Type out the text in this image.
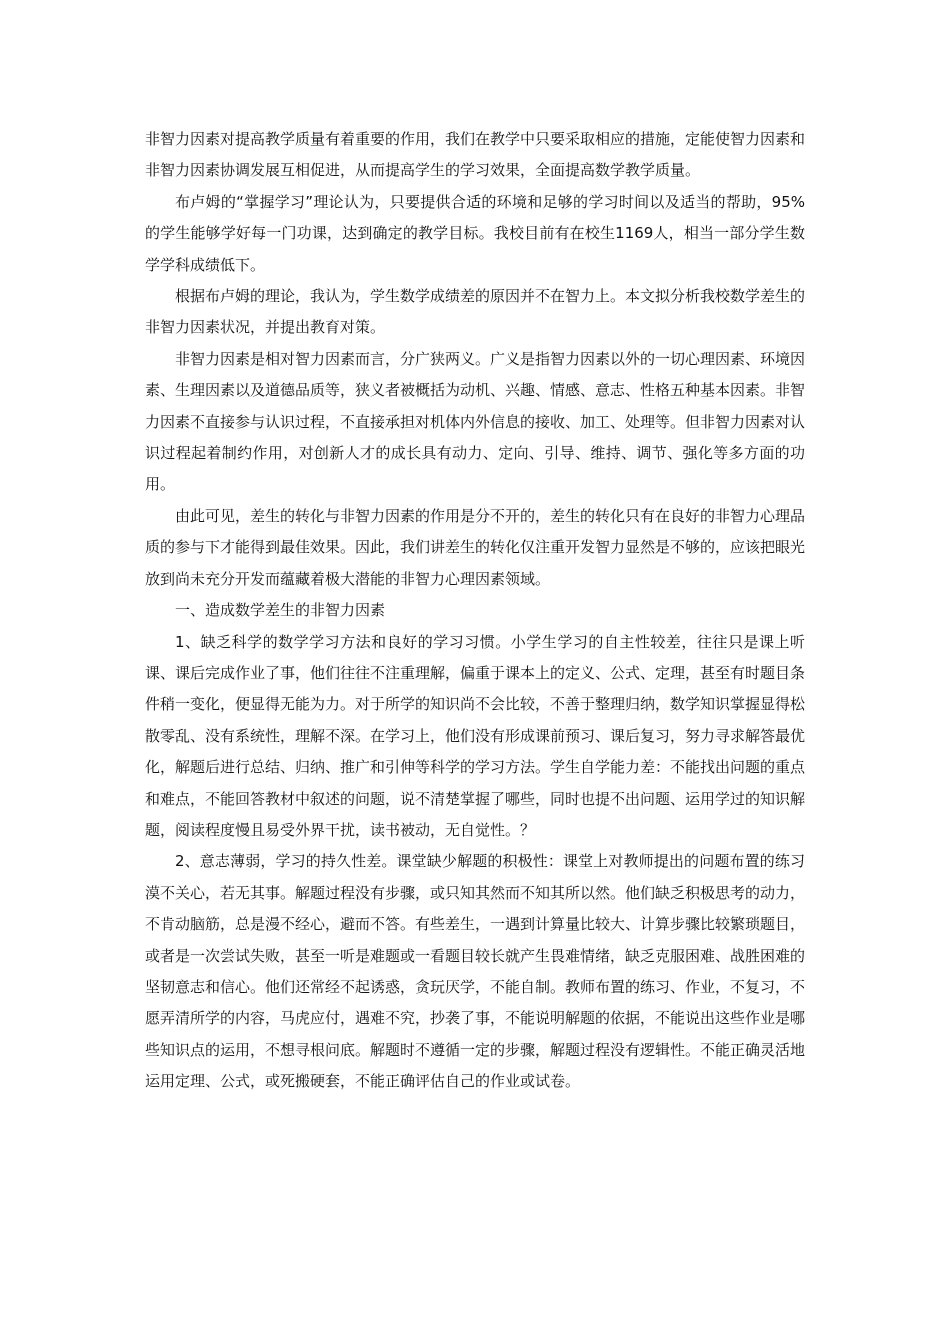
非智力因素对提高教学质量有着重要的作用，我们在教学中只要采取相应的措施，定能使智力因素和非智力因素协调发展互相促进，从而提高学生的学习效果，全面提高数学教学质量。

布卢姆的“掌握学习”理论认为，只要提供合适的环境和足够的学习时间以及适当的帮助，95%的学生能够学好每一门功课，达到确定的教学目标。我校目前有在校生1169人，相当一部分学生数学学科成绩低下。

根据布卢姆的理论，我认为，学生数学成绩差的原因并不在智力上。本文拟分析我校数学差生的非智力因素状况，并提出教育对策。

非智力因素是相对智力因素而言，分广狭两义。广义是指智力因素以外的一切心理因素、环境因素、生理因素以及道德品质等，狭义者被概括为动机、兴趣、情感、意志、性格五种基本因素。非智力因素不直接参与认识过程，不直接承担对机体内外信息的接收、加工、处理等。但非智力因素对认识过程起着制约作用，对创新人才的成长具有动力、定向、引导、维持、调节、强化等多方面的功用。

由此可见，差生的转化与非智力因素的作用是分不开的，差生的转化只有在良好的非智力心理品质的参与下才能得到最佳效果。因此，我们讲差生的转化仅注重开发智力显然是不够的，应该把眼光放到尚未充分开发而蕴藏着极大潜能的非智力心理因素领域。

一、造成数学差生的非智力因素

1、缺乏科学的数学学习方法和良好的学习习惯。小学生学习的自主性较差，往往只是课上听课、课后完成作业了事，他们往往不注重理解，偏重于课本上的定义、公式、定理，甚至有时题目条件稍一变化，便显得无能为力。对于所学的知识尚不会比较，不善于整理归纳，数学知识掌握显得松散零乱、没有系统性，理解不深。在学习上，他们没有形成课前预习、课后复习，努力寻求解答最优化，解题后进行总结、归纳、推广和引伸等科学的学习方法。学生自学能力差：不能找出问题的重点和难点，不能回答教材中叙述的问题，说不清楚掌握了哪些，同时也提不出问题、运用学过的知识解题，阅读程度慢且易受外界干扰，读书被动，无自觉性。？

2、意志薄弱，学习的持久性差。课堂缺少解题的积极性：课堂上对教师提出的问题布置的练习漠不关心，若无其事。解题过程没有步骤，或只知其然而不知其所以然。他们缺乏积极思考的动力，不肯动脑筋，总是漫不经心，避而不答。有些差生，一遇到计算量比较大、计算步骤比较繁琐题目，或者是一次尝试失败，甚至一听是难题或一看题目较长就产生畏难情绪，缺乏克服困难、战胜困难的坚韧意志和信心。他们还常经不起诱惑，贪玩厌学，不能自制。教师布置的练习、作业，不复习，不愿弄清所学的内容，马虎应付，遇难不究，抄袭了事，不能说明解题的依据，不能说出这些作业是哪些知识点的运用，不想寻根问底。解题时不遵循一定的步骤，解题过程没有逻辑性。不能正确灵活地运用定理、公式，或死搬硬套，不能正确评估自己的作业或试卷。
